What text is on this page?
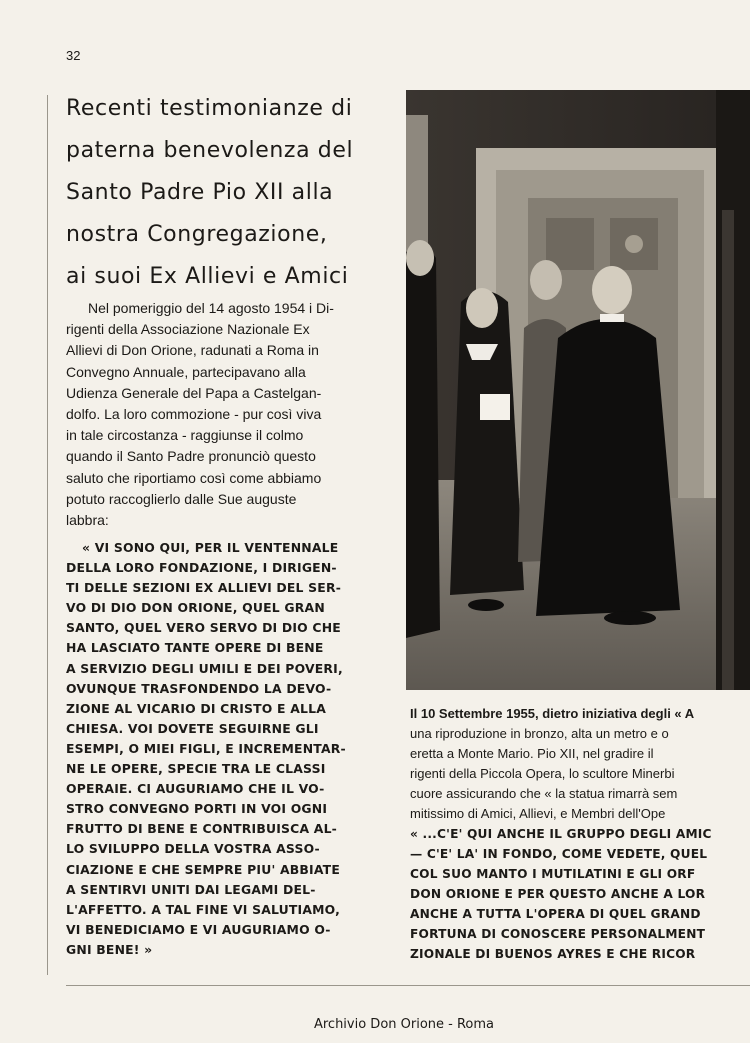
32
Recenti testimonianze di
paterna benevolenza del
Santo Padre Pio XII alla
nostra Congregazione,
ai suoi Ex Allievi e Amici

Nel pomeriggio del 14 agosto 1954 i Di-
rigenti della Associazione Nazionale Ex
Allievi di Don Orione, radunati a Roma in
Convegno Annuale, partecipavano alla
Udienza Generale del Papa a Castelgan-
dolfo. La loro commozione - pur così viva
in tale circostanza - raggiunse il colmo
quando il Santo Padre pronunciò questo
saluto che riportiamo così come abbiamo
potuto raccoglierlo dalle Sue auguste
labbra:

« VI SONO QUI, PER IL VENTENNALE
DELLA LORO FONDAZIONE, I DIRIGEN-
TI DELLE SEZIONI EX ALLIEVI DEL SER-
VO DI DIO DON ORIONE, QUEL GRAN
SANTO, QUEL VERO SERVO DI DIO CHE
HA LASCIATO TANTE OPERE DI BENE
A SERVIZIO DEGLI UMILI E DEI POVERI,
OVUNQUE TRASFONDENDO LA DEVO-
ZIONE AL VICARIO DI CRISTO E ALLA
CHIESA. VOI DOVETE SEGUIRNE GLI
ESEMPI, O MIEI FIGLI, E INCREMENTAR-
NE LE OPERE, SPECIE TRA LE CLASSI
OPERAIE. CI AUGURIAMO CHE IL VO-
STRO CONVEGNO PORTI IN VOI OGNI
FRUTTO DI BENE E CONTRIBUISCA AL-
LO SVILUPPO DELLA VOSTRA ASSO-
CIAZIONE E CHE SEMPRE PIU' ABBIATE
A SENTIRVI UNITI DAI LEGAMI DEL-
L'AFFETTO. A TAL FINE VI SALUTIAMO,
VI BENEDICIAMO E VI AUGURIAMO O-
GNI BENE! »

Il 10 Settembre 1955, dietro iniziativa degli « A
una riproduzione in bronzo, alta un metro e o
eretta a Monte Mario. Pio XII, nel gradire il
rigenti della Piccola Opera, lo scultore Minerbi
cuore assicurando che « la statua rimarrà sem
mitissimo di Amici, Allievi, e Membri dell'Ope
« ...C'E' QUI ANCHE IL GRUPPO DEGLI AMIC
— C'E' LA' IN FONDO, COME VEDETE, QUEL
COL SUO MANTO I MUTILATINI E GLI ORF
DON ORIONE E PER QUESTO ANCHE A LOR
ANCHE A TUTTA L'OPERA DI QUEL GRAND
FORTUNA DI CONOSCERE PERSONALMENT
ZIONALE DI BUENOS AYRES E CHE RICOR

Archivio Don Orione - Roma
